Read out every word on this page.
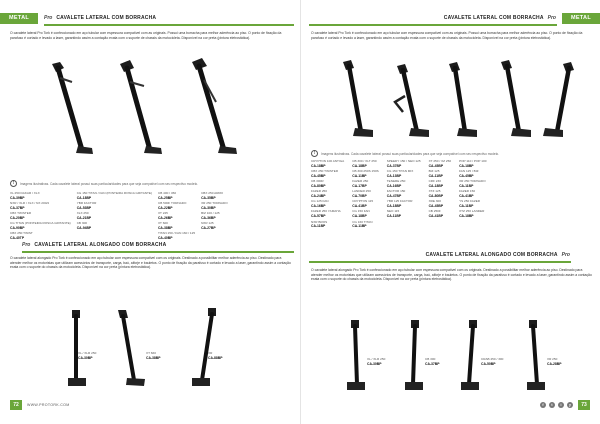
METAL	Pro CAVALETE LATERAL COM BORRACHA
O cavalete lateral Pro Tork é confeccionado em aço tubular com espessura compatível com as originais. Possui uma borracha para melhor aderência ao piso. O ponto de fixação da parafuso é cortado e levado a laser, garantindo assim a contação exata com o suporte de chassis da motocicleta. Disponível na cor preta (pintura eletrostática).
!	Imagens ilustrativas. Cada cavalete lateral possui suas particularidades para que seja compatível com seu respectivo modelo.
XL 250 DAKAR / XLX
CA-39BP
NXR / XLR / XLX / NX 200/4
CA-37BP
CBX TWISTER
CA-20BP
CG TITAN (PONTEIRA ROSCA GRITANTE)
CA-90BP
CBX 250 TWIST
CA-40TP
CG 150 TITAN / FAN (PONTEIRA ROSCA GRITANTE)
CA-18BP
YBR FACTOR
CA-53BP
XLX 250
CA-21BP
CB 300
CA-94BP
CB 400 / 450
CA-25BP
CB 500F TORNADO
CA-22BP
XT 225
CA-26BP
XT 600
CA-38BP
TITAN 150 / FAN 160 / 125
CA-40BP
CBX 250 ARRO
CA-35BP
XR 250 TORNADO
CA-30BP
BIZ 100 / 125
CA-36BP
NXR 125
CA-27BP
Pro CAVALETE LATERAL ALONGADO COM BORRACHA
O cavalete lateral alongado Pro Tork é confeccionado em aço tubular com espessura compatível com os originais. Destinado a possibilitar melhor aderência ao piso. Destinado para atender melhor os motoristas que utilizam acessórios de transporte, carga, baú, alforje e bauletos. O ponto de fixação da parafuso é cortado e levado a laser, garantindo assim a contação exata com o suporte do chassis da motocicleta. Disponível na cor preta (pintura eletrostática).
XL / XLR 250
CA-30BP
XT 660
CA-38BP
XR
CA-88BP
72	WWW.PROTORK.COM
METAL
CAVALETE LATERAL COM BORRACHA Pro
O cavalete lateral Pro Tork é confeccionado em aço tubular com espessura compatível com as originais. Possui uma borracha para melhor aderência ao piso. O ponto de fixação da parafuso é cortado e levado a laser, garantindo assim a contação exata com o suporte de chassis da motocicleta. Disponível na cor preta (pintura eletrostática).
!	Imagens ilustrativas. Cada cavalete lateral possui suas particularidades para que seja compatível com seu respectivo modelo.
CRYPTON 100 ANTIGA
CA-18BP
CBX 250 TWISTER
CA-45BP
CB 300R
CA-80BP
FAZER 250
CA-24BP
CG 125 FAN
CA-16BP
FAZER 250 YAMAHA
CA-57BP
NXR BROS
CA-11BP
CB 300 / XLT 250
CA-18BP
CB 300 250S 150S
CA-11BP
FAZER 250
CA-17BP
LANDER 250
CA-70BP
CRYPTON 115
CA-41BP
CG 150 FAN
CA-18BP
CG 160 TITAN
CA-11BP
SPEEDY 150 / NEO 125
CA-37BP
CG 150 TITAN MIX
CA-13BP
TENERE 250
CA-16BP
FACTOR 150
CA-47BP
YBR 125 FACTOR
CA-18BP
NEO 115
CA-11BP
XT 250 / XZ 250
CA-45BP
BIZ 125
CA-11BP
CRF 230
CA-18BP
XTZ 125
CA-80BP
XRE 300
CA-45BP
CB 250F
CA-41BP
POP 110 / POP 100
CA-18BP
FAN 125 / BIZ
CA-45BP
XR 250 TORNADO
CA-11BP
FAZER 150
CA-41BP
YS 250 FAZER
CA-11BP
XTZ 250 LANDER
CA-18BP
CAVALETE LATERAL ALONGADO COM BORRACHA Pro
O cavalete lateral alongado Pro Tork é confeccionado em aço tubular com espessura compatível com os originais. Destinado a possibilitar melhor aderência ao piso. Destinado para atender melhor os motoristas que utilizam acessórios de transporte, carga, baú, alforje e bauletos. O ponto de fixação da parafuso é cortado e levado a laser, garantindo assim a contação exata com o suporte do chassis da motocicleta. Disponível na cor preta (pintura eletrostática).
XL / XLR 250
CA-30BP
CB 300
CA-37BP
CRAB 250 / 300
CA-50BP
XR 250
CA-28BP
f	t	i	y	73
